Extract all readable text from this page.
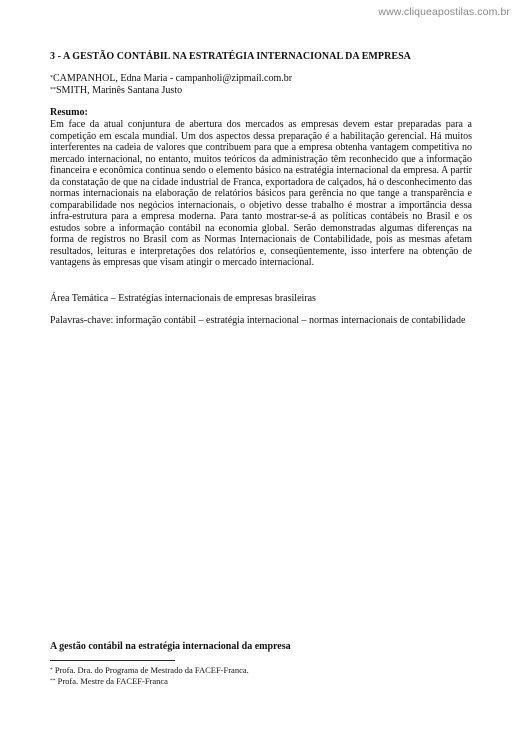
www.cliqueapostilas.com.br

3 - A GESTÃO CONTÁBIL NA ESTRATÉGIA INTERNACIONAL DA EMPRESA

*CAMPANHOL, Edna Maria - campanholi@zipmail.com.br

**SMITH, Marinês Santana Justo

Resumo:

Em face da atual conjuntura de abertura dos mercados as empresas devem estar preparadas para a competição em escala mundial. Um dos aspectos dessa preparação é a habilitação gerencial. Há muitos interferentes na cadeia de valores que contribuem para que a empresa obtenha vantagem competitiva no mercado internacional, no entanto, muitos teóricos da administração têm reconhecido que a informação financeira e econômica continua sendo o elemento básico na estratégia internacional da empresa. A partir da constatação de que na cidade industrial de Franca, exportadora de calçados, há o desconhecimento das normas internacionais na elaboração de relatórios básicos para gerência no que tange a transparência e comparabilidade nos negócios internacionais, o objetivo desse trabalho é mostrar a importância dessa infra-estrutura para a empresa moderna. Para tanto mostrar-se-á as políticas contábeis no Brasil e os estudos sobre a informação contábil na economia global. Serão demonstradas algumas diferenças na forma de registros no Brasil com as Normas Internacionais de Contabilidade, pois as mesmas afetam resultados, leituras e interpretações dos relatórios e, conseqüentemente, isso interfere na obtenção de vantagens às empresas que visam atingir o mercado internacional.

Área Temática – Estratégias internacionais de empresas brasileiras

Palavras-chave: informação contábil – estratégia internacional – normas internacionais de contabilidade

A gestão contábil na estratégia internacional da empresa
* Profa. Dra. do Programa de Mestrado da FACEF-Franca.
** Profa. Mestre da FACEF-Franca
